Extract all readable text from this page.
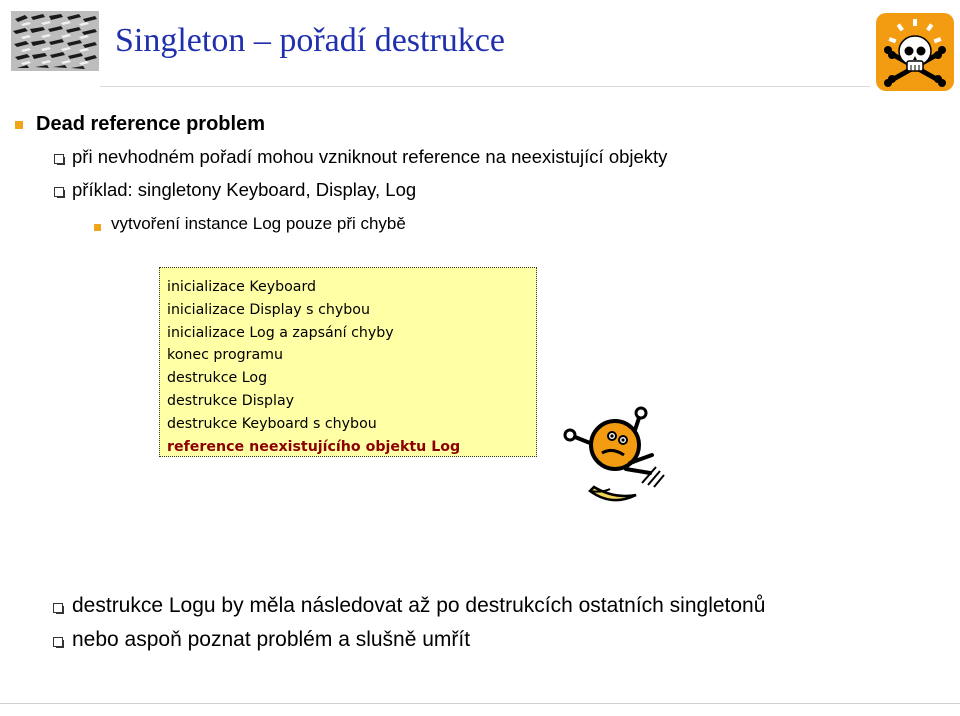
Singleton – pořadí destrukce
Dead reference problem
při nevhodném pořadí mohou vzniknout reference na neexistující objekty
příklad: singletony Keyboard, Display, Log
vytvoření instance Log pouze při chybě
inicializace Keyboard
inicializace Display s chybou
inicializace Log a zapsání chyby
konec programu
destrukce Log
destrukce Display
destrukce Keyboard s chybou
reference neexistujícího objektu Log
destrukce Logu by měla následovat až po destrukcích ostatních singletonů
nebo aspoň poznat problém a slušně umřít
